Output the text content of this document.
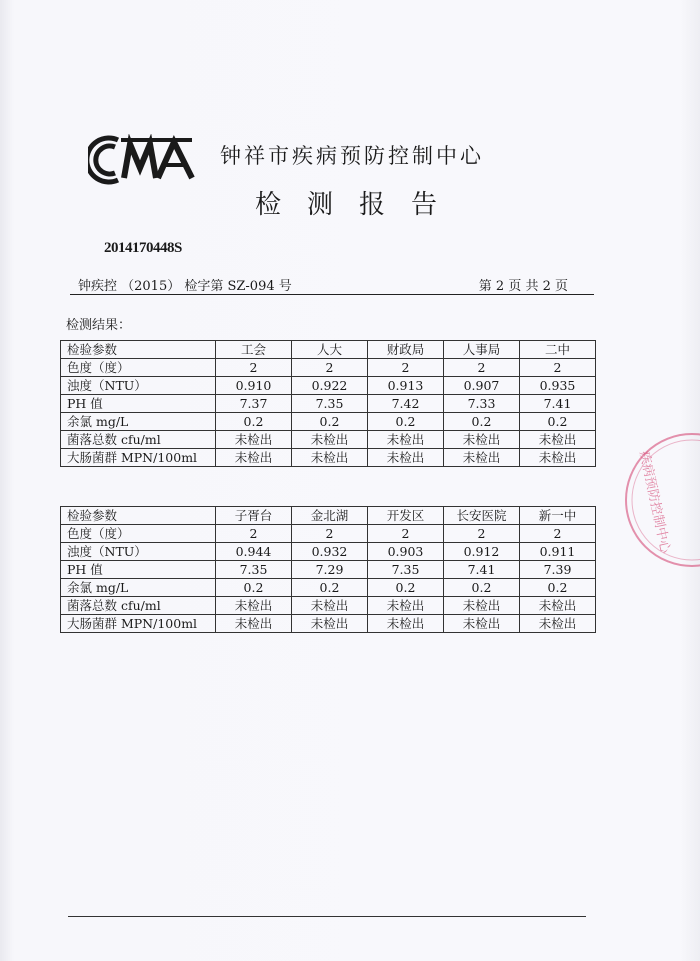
钟祥市疾病预防控制中心
检测报告
2014170448S
钟疾控 （2015） 检字第 SZ-094 号	第 2 页 共 2 页
检测结果：
检验参数	工会	人大	财政局	人事局	二中
色度（度）	2	2	2	2	2
浊度（NTU）	0.910	0.922	0.913	0.907	0.935
PH 值	7.37	7.35	7.42	7.33	7.41
余氯 mg/L	0.2	0.2	0.2	0.2	0.2
菌落总数 cfu/ml	未检出	未检出	未检出	未检出	未检出
大肠菌群 MPN/100ml	未检出	未检出	未检出	未检出	未检出
检验参数	子胥台	金北湖	开发区	长安医院	新一中
色度（度）	2	2	2	2	2
浊度（NTU）	0.944	0.932	0.903	0.912	0.911
PH 值	7.35	7.29	7.35	7.41	7.39
余氯 mg/L	0.2	0.2	0.2	0.2	0.2
菌落总数 cfu/ml	未检出	未检出	未检出	未检出	未检出
大肠菌群 MPN/100ml	未检出	未检出	未检出	未检出	未检出
疾病预防控制中心
